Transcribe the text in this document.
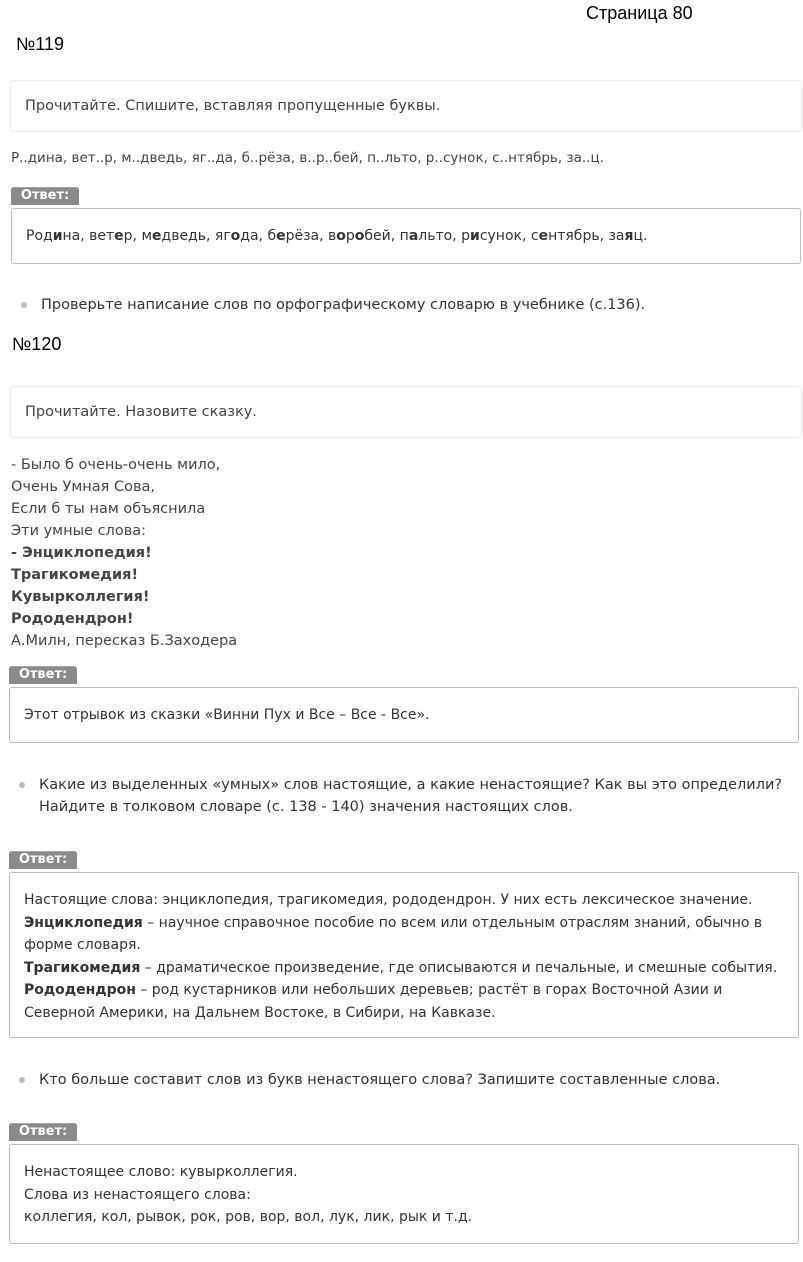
Страница 80
№119
Прочитайте. Спишите, вставляя пропущенные буквы.
Р..дина, вет..р, м..дведь, яг..да, б..рёза, в..р..бей, п..льто, р..сунок, с..нтябрь, за..ц.
Ответ:
Родина, ветер, медведь, ягода, берёза, воробей, пальто, рисунок, сентябрь, заяц.
Проверьте написание слов по орфографическому словарю в учебнике (с.136).
№120
Прочитайте. Назовите сказку.
- Было б очень-очень мило,
Очень Умная Сова,
Если б ты нам объяснила
Эти умные слова:
- Энциклопедия!
Трагикомедия!
Кувырколлегия!
Рододендрон!
А.Милн, пересказ Б.Заходера
Ответ:
Этот отрывок из сказки «Винни Пух и Все – Все - Все».
Какие из выделенных «умных» слов настоящие, а какие ненастоящие? Как вы это определили?
Найдите в толковом словаре (с. 138 - 140) значения настоящих слов.
Ответ:
Настоящие слова: энциклопедия, трагикомедия, рододендрон. У них есть лексическое значение.
Энциклопедия – научное справочное пособие по всем или отдельным отраслям знаний, обычно в
форме словаря.
Трагикомедия – драматическое произведение, где описываются и печальные, и смешные события.
Рододендрон – род кустарников или небольших деревьев; растёт в горах Восточной Азии и
Северной Америки, на Дальнем Востоке, в Сибири, на Кавказе.
Кто больше составит слов из букв ненастоящего слова? Запишите составленные слова.
Ответ:
Ненастоящее слово: кувырколлегия.
Слова из ненастоящего слова:
коллегия, кол, рывок, рок, ров, вор, вол, лук, лик, рык и т.д.
